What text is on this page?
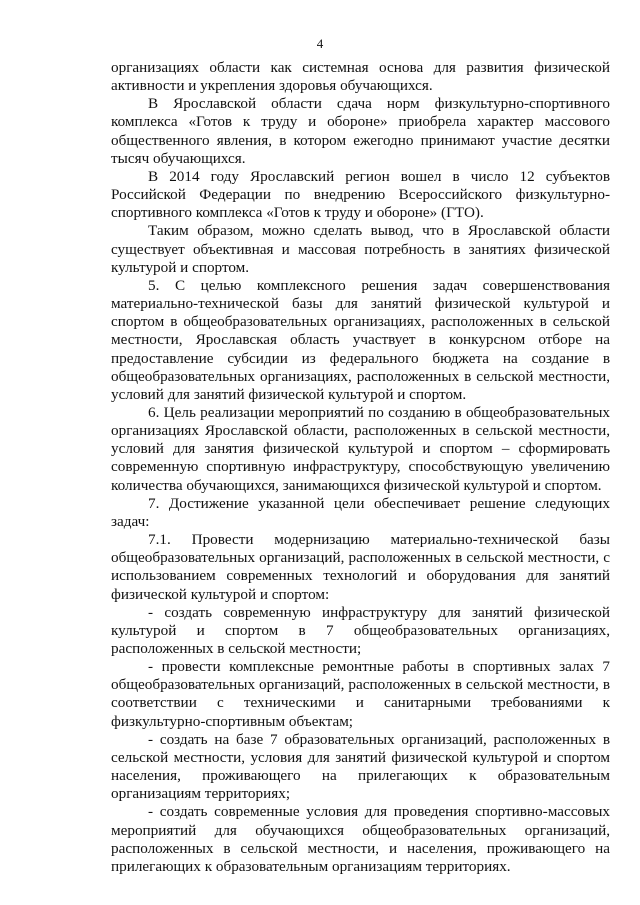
4

организациях области как системная основа для развития физической активности и укрепления здоровья обучающихся.

В Ярославской области сдача норм физкультурно-спортивного комплекса «Готов к труду и обороне» приобрела характер массового общественного явления, в котором ежегодно принимают участие десятки тысяч обучающихся.

В 2014 году Ярославский регион вошел в число 12 субъектов Российской Федерации по внедрению Всероссийского физкультурно-спортивного комплекса «Готов к труду и обороне» (ГТО).

Таким образом, можно сделать вывод, что в Ярославской области существует объективная и массовая потребность в занятиях физической культурой и спортом.

5. С целью комплексного решения задач совершенствования материально-технической базы для занятий физической культурой и спортом в общеобразовательных организациях, расположенных в сельской местности, Ярославская область участвует в конкурсном отборе на предоставление субсидии из федерального бюджета на создание в общеобразовательных организациях, расположенных в сельской местности, условий для занятий физической культурой и спортом.

6. Цель реализации мероприятий по созданию в общеобразовательных организациях Ярославской области, расположенных в сельской местности, условий для занятия физической культурой и спортом – сформировать современную спортивную инфраструктуру, способствующую увеличению количества обучающихся, занимающихся физической культурой и спортом.

7. Достижение указанной цели обеспечивает решение следующих задач:

7.1. Провести модернизацию материально-технической базы общеобразовательных организаций, расположенных в сельской местности, с использованием современных технологий и оборудования для занятий физической культурой и спортом:

- создать современную инфраструктуру для занятий физической культурой и спортом в 7 общеобразовательных организациях, расположенных в сельской местности;

- провести комплексные ремонтные работы в спортивных залах 7 общеобразовательных организаций, расположенных в сельской местности, в соответствии с техническими и санитарными требованиями к физкультурно-спортивным объектам;

- создать на базе 7 образовательных организаций, расположенных в сельской местности, условия для занятий физической культурой и спортом населения, проживающего на прилегающих к образовательным организациям территориях;

- создать современные условия для проведения спортивно-массовых мероприятий для обучающихся общеобразовательных организаций, расположенных в сельской местности, и населения, проживающего на прилегающих к образовательным организациям территориях.
